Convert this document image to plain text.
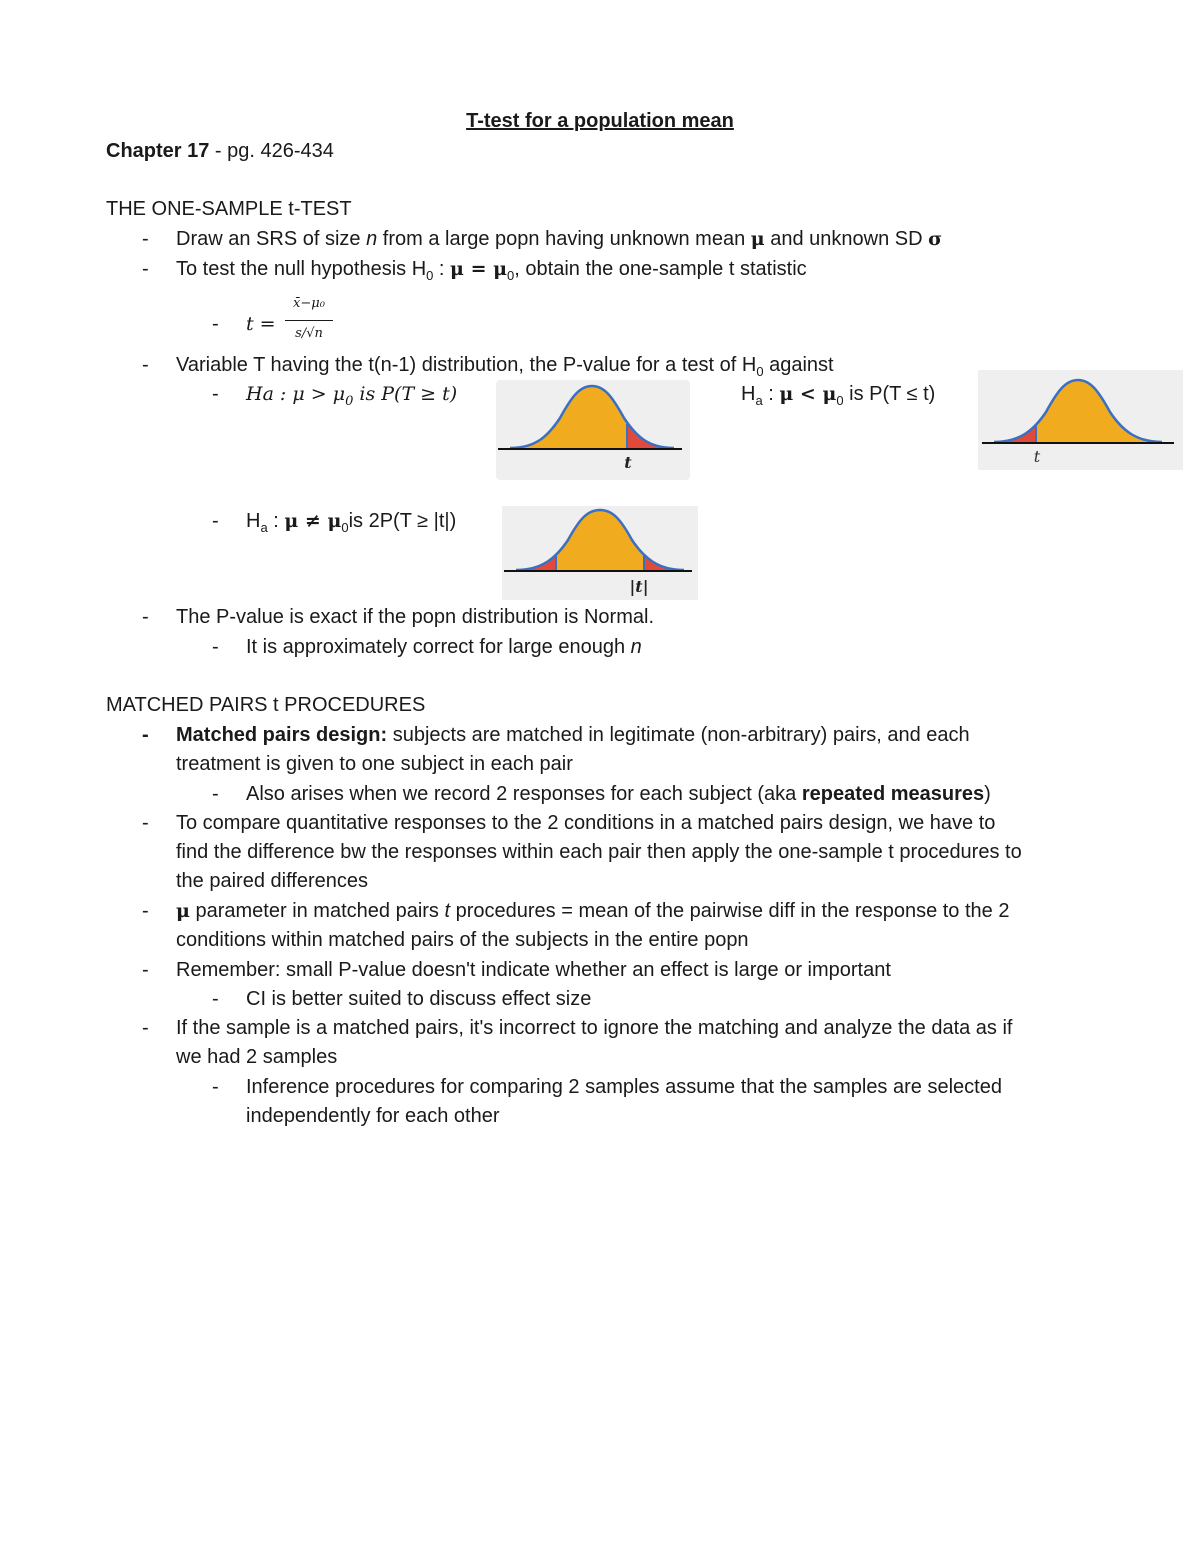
T-test for a population mean
Chapter 17 - pg. 426-434
THE ONE-SAMPLE t-TEST
- Draw an SRS of size n from a large popn having unknown mean μ and unknown SD σ
- To test the null hypothesis $H_0$ : $\mu = \mu_0$, obtain the one-sample t statistic
- t =
x̄−μ₀
s/√n
- Variable T having the t(n-1) distribution, the P-value for a test of $H_0$ against
- Ha : $\mu > \mu_0$ is P(T ≥ t)
t
$H_a$ : $\mu < \mu_0$ is P(T ≤ t)
t
- $H_a$ : $\mu \ne \mu_0is$ 2P(T ≥ |t|)
|t|
- The P-value is exact if the popn distribution is Normal.
- It is approximately correct for large enough n
MATCHED PAIRS t PROCEDURES
- Matched pairs design: subjects are matched in legitimate (non-arbitrary) pairs, and each
treatment is given to one subject in each pair
- Also arises when we record 2 responses for each subject (aka repeated measures)
- To compare quantitative responses to the 2 conditions in a matched pairs design, we have to
find the difference bw the responses within each pair then apply the one-sample t procedures to
the paired differences
- μ parameter in matched pairs t procedures = mean of the pairwise diff in the response to the 2
conditions within matched pairs of the subjects in the entire popn
- Remember: small P-value doesn't indicate whether an effect is large or important
- CI is better suited to discuss effect size
- If the sample is a matched pairs, it's incorrect to ignore the matching and analyze the data as if
we had 2 samples
- Inference procedures for comparing 2 samples assume that the samples are selected
independently for each other
